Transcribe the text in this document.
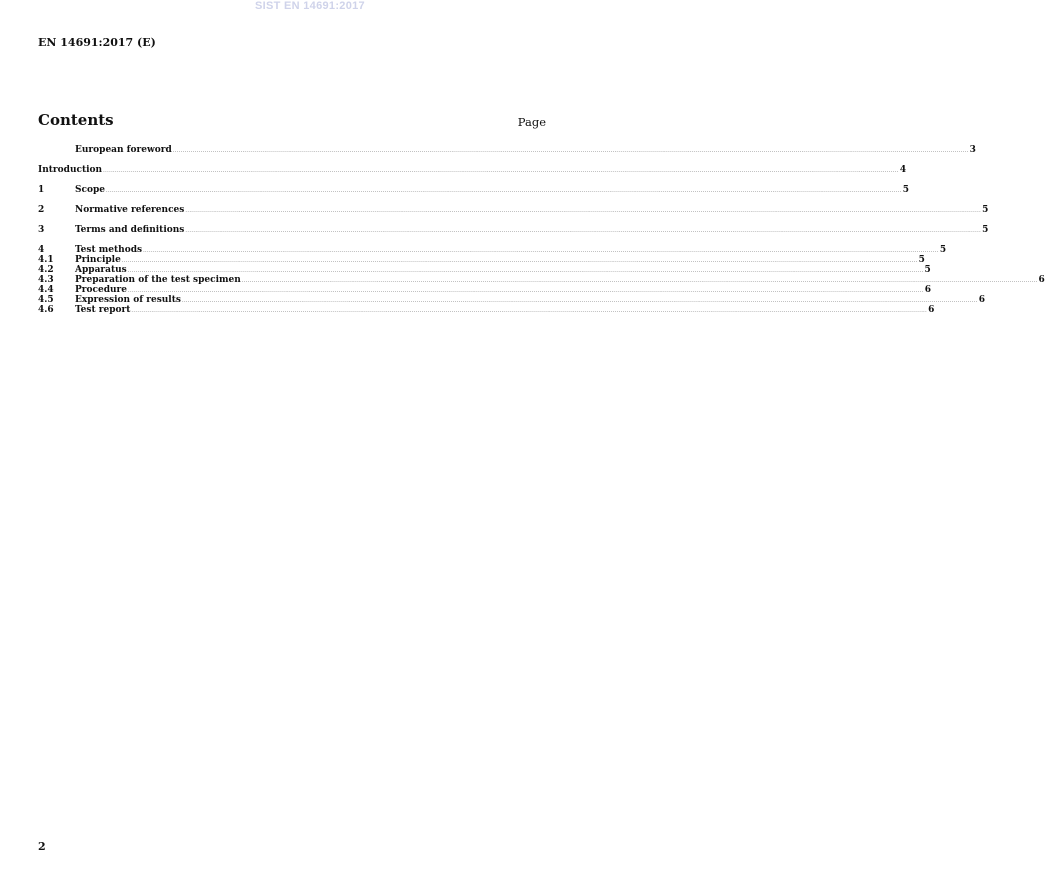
SIST EN 14691:2017
EN 14691:2017 (E)
Contents	Page
European foreword ................................................................................................................................................................................................................................................................................................................................................................................................................ 3
Introduction ................................................................................................................................................................................................................................................................................................................................................................................................................ 4
1	Scope ................................................................................................................................................................................................................................................................................................................................................................................................................ 5
2	Normative references ................................................................................................................................................................................................................................................................................................................................................................................................................ 5
3	Terms and definitions ................................................................................................................................................................................................................................................................................................................................................................................................................ 5
4	Test methods ................................................................................................................................................................................................................................................................................................................................................................................................................ 5
4.1	Principle ................................................................................................................................................................................................................................................................................................................................................................................................................ 5
4.2	Apparatus ................................................................................................................................................................................................................................................................................................................................................................................................................ 5
4.3	Preparation of the test specimen ................................................................................................................................................................................................................................................................................................................................................................................................................ 6
4.4	Procedure ................................................................................................................................................................................................................................................................................................................................................................................................................ 6
4.5	Expression of results ................................................................................................................................................................................................................................................................................................................................................................................................................ 6
4.6	Test report ................................................................................................................................................................................................................................................................................................................................................................................................................ 6
2
